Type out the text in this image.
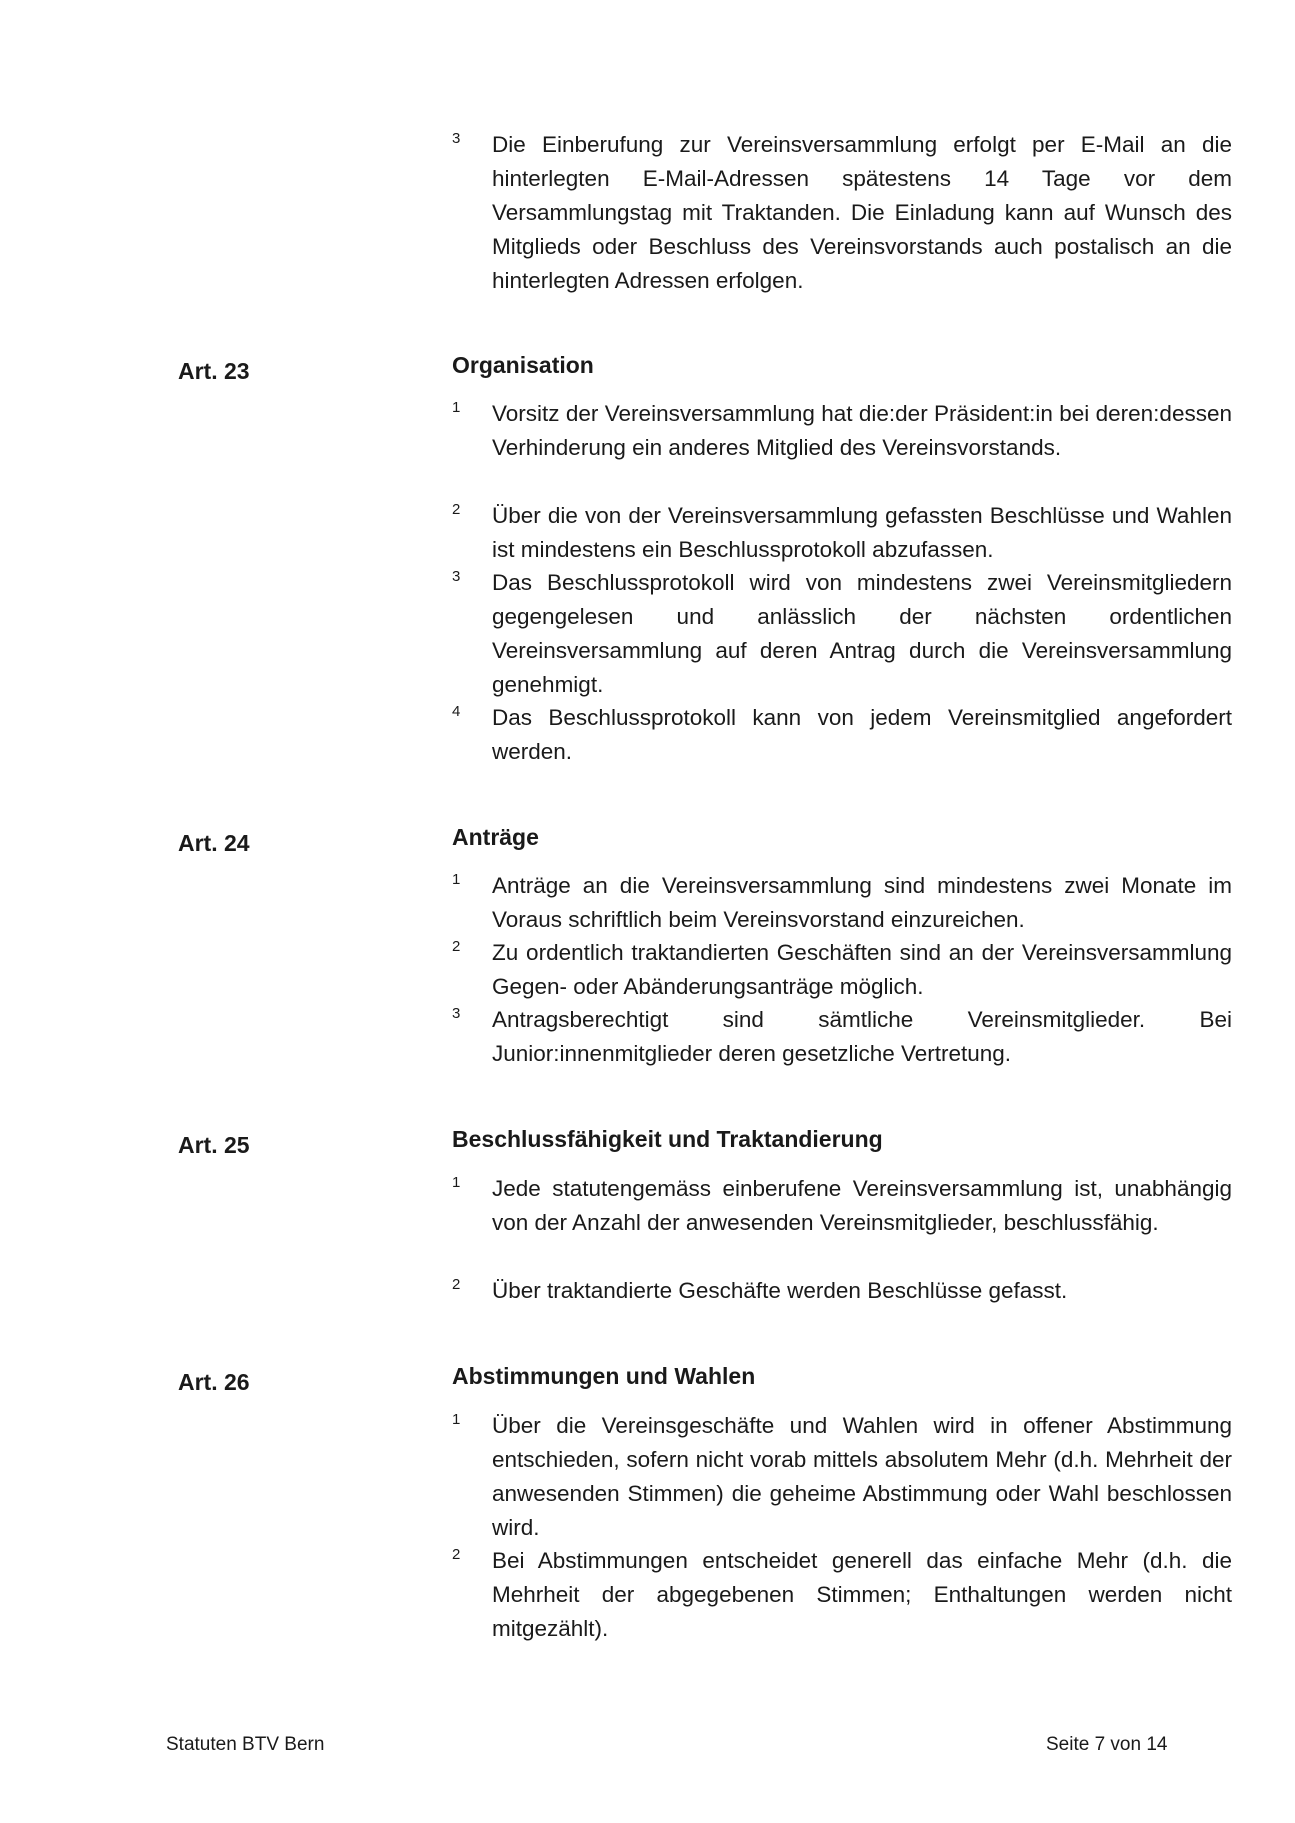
3 Die Einberufung zur Vereinsversammlung erfolgt per E-Mail an die hinterlegten E-Mail-Adressen spätestens 14 Tage vor dem Versammlungstag mit Traktanden. Die Einladung kann auf Wunsch des Mitglieds oder Beschluss des Vereinsvorstands auch postalisch an die hinterlegten Adressen erfolgen.
Art. 23	Organisation
1 Vorsitz der Vereinsversammlung hat die:der Präsident:in bei deren:dessen Verhinderung ein anderes Mitglied des Vereinsvorstands.
2 Über die von der Vereinsversammlung gefassten Beschlüsse und Wahlen ist mindestens ein Beschlussprotokoll abzufassen.
3 Das Beschlussprotokoll wird von mindestens zwei Vereinsmitgliedern gegengelesen und anlässlich der nächsten ordentlichen Vereinsversammlung auf deren Antrag durch die Vereinsversammlung genehmigt.
4 Das Beschlussprotokoll kann von jedem Vereinsmitglied angefordert werden.
Art. 24	Anträge
1 Anträge an die Vereinsversammlung sind mindestens zwei Monate im Voraus schriftlich beim Vereinsvorstand einzureichen.
2 Zu ordentlich traktandierten Geschäften sind an der Vereinsversammlung Gegen- oder Abänderungsanträge möglich.
3 Antragsberechtigt sind sämtliche Vereinsmitglieder. Bei Junior:innenmitglieder deren gesetzliche Vertretung.
Art. 25	Beschlussfähigkeit und Traktandierung
1 Jede statutengemäss einberufene Vereinsversammlung ist, unabhängig von der Anzahl der anwesenden Vereinsmitglieder, beschlussfähig.
2 Über traktandierte Geschäfte werden Beschlüsse gefasst.
Art. 26	Abstimmungen und Wahlen
1 Über die Vereinsgeschäfte und Wahlen wird in offener Abstimmung entschieden, sofern nicht vorab mittels absolutem Mehr (d.h. Mehrheit der anwesenden Stimmen) die geheime Abstimmung oder Wahl beschlossen wird.
2 Bei Abstimmungen entscheidet generell das einfache Mehr (d.h. die Mehrheit der abgegebenen Stimmen; Enthaltungen werden nicht mitgezählt).
Statuten BTV Bern	Seite 7 von 14
